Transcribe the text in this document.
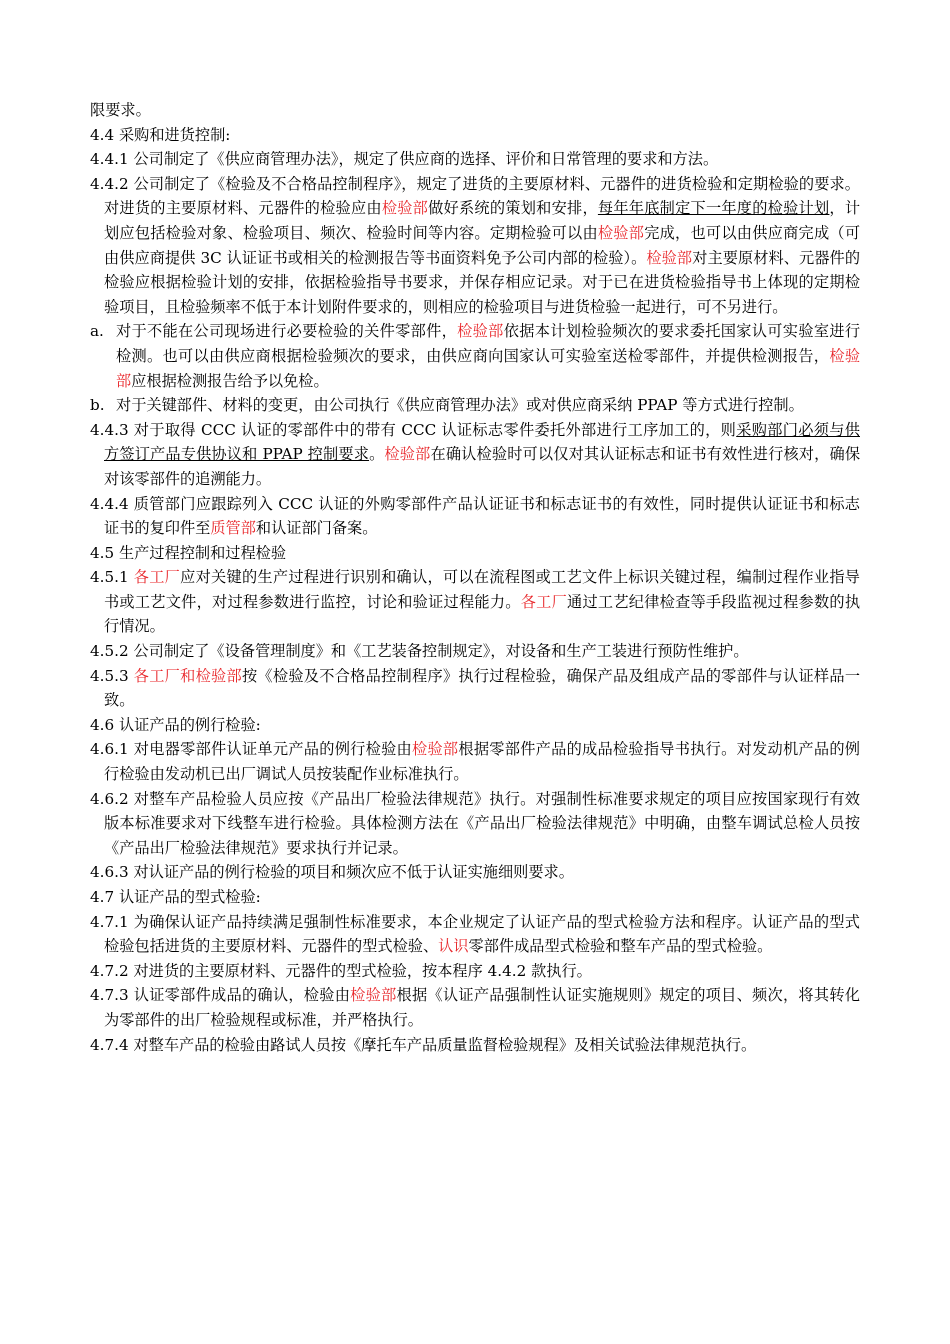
限要求。

4.4 采购和进货控制:

4.4.1 公司制定了《供应商管理办法》，规定了供应商的选择、评价和日常管理的要求和方法。

4.4.2 公司制定了《检验及不合格品控制程序》，规定了进货的主要原材料、元器件的进货检验和定期检验的要求。对进货的主要原材料、元器件的检验应由检验部做好系统的策划和安排，每年年底制定下一年度的检验计划，计划应包括检验对象、检验项目、频次、检验时间等内容。定期检验可以由检验部完成，也可以由供应商完成（可由供应商提供 3C 认证证书或相关的检测报告等书面资料免予公司内部的检验）。检验部对主要原材料、元器件的检验应根据检验计划的安排，依据检验指导书要求，并保存相应记录。对于已在进货检验指导书上体现的定期检验项目，且检验频率不低于本计划附件要求的，则相应的检验项目与进货检验一起进行，可不另进行。

a. 对于不能在公司现场进行必要检验的关件零部件，检验部依据本计划检验频次的要求委托国家认可实验室进行检测。也可以由供应商根据检验频次的要求，由供应商向国家认可实验室送检零部件，并提供检测报告，检验部应根据检测报告给予以免检。
b. 对于关键部件、材料的变更，由公司执行《供应商管理办法》或对供应商采纳 PPAP 等方式进行控制。

4.4.3 对于取得 CCC 认证的零部件中的带有 CCC 认证标志零件委托外部进行工序加工的，则采购部门必须与供方签订产品专供协议和 PPAP 控制要求。检验部在确认检验时可以仅对其认证标志和证书有效性进行核对，确保对该零部件的追溯能力。

4.4.4 质管部门应跟踪列入 CCC 认证的外购零部件产品认证证书和标志证书的有效性，同时提供认证证书和标志证书的复印件至质管部和认证部门备案。

4.5 生产过程控制和过程检验

4.5.1 各工厂应对关键的生产过程进行识别和确认，可以在流程图或工艺文件上标识关键过程，编制过程作业指导书或工艺文件，对过程参数进行监控，讨论和验证过程能力。各工厂通过工艺纪律检查等手段监视过程参数的执行情况。

4.5.2 公司制定了《设备管理制度》和《工艺装备控制规定》，对设备和生产工装进行预防性维护。

4.5.3 各工厂和检验部按《检验及不合格品控制程序》执行过程检验，确保产品及组成产品的零部件与认证样品一致。

4.6 认证产品的例行检验:

4.6.1 对电器零部件认证单元产品的例行检验由检验部根据零部件产品的成品检验指导书执行。对发动机产品的例行检验由发动机已出厂调试人员按装配作业标准执行。

4.6.2 对整车产品检验人员应按《产品出厂检验法律规范》执行。对强制性标准要求规定的项目应按国家现行有效版本标准要求对下线整车进行检验。具体检测方法在《产品出厂检验法律规范》中明确，由整车调试总检人员按《产品出厂检验法律规范》要求执行并记录。

4.6.3 对认证产品的例行检验的项目和频次应不低于认证实施细则要求。

4.7 认证产品的型式检验:

4.7.1 为确保认证产品持续满足强制性标准要求，本企业规定了认证产品的型式检验方法和程序。认证产品的型式检验包括进货的主要原材料、元器件的型式检验、认识零部件成品型式检验和整车产品的型式检验。

4.7.2 对进货的主要原材料、元器件的型式检验，按本程序 4.4.2 款执行。

4.7.3 认证零部件成品的确认，检验由检验部根据《认证产品强制性认证实施规则》规定的项目、频次，将其转化为零部件的出厂检验规程或标准，并严格执行。

4.7.4 对整车产品的检验由路试人员按《摩托车产品质量监督检验规程》及相关试验法律规范执行。
